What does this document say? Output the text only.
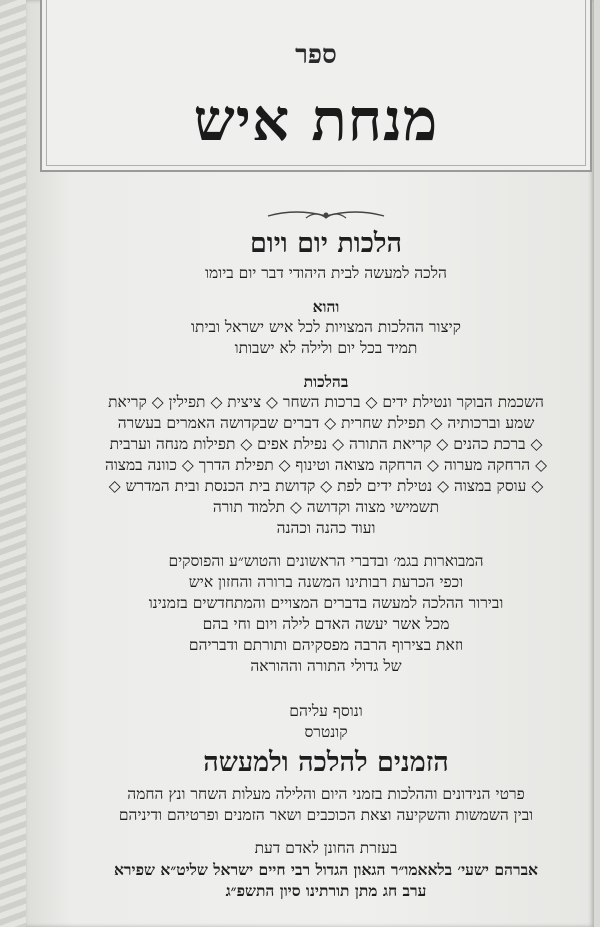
ספר
מנחת איש
הלכות יום ויום
הלכה למעשה לבית היהודי דבר יום ביומו
והוא
קיצור ההלכות המצויות לכל איש ישראל וביתו
תמיד בכל יום ולילה לא ישבותו
בהלכות
השכמת הבוקר ונטילת ידים ◇ ברכות השחר ◇ ציצית ◇ תפילין ◇ קריאת
שמע וברכותיה ◇ תפילת שחרית ◇ דברים שבקדושה האמרים בעשרה
◇ ברכת כהנים ◇ קריאת התורה ◇ נפילת אפים ◇ תפילות מנחה וערבית
◇ הרחקה מערוה ◇ הרחקה מצואה וטינוף ◇ תפילת הדרך ◇ כוונה במצוה
◇ עוסק במצוה ◇ נטילת ידים לפת ◇ קדושת בית הכנסת ובית המדרש ◇
תשמישי מצוה וקדושה ◇ תלמוד תורה
ועוד כהנה וכהנה
המבוארות בגמ׳ ובדברי הראשונים והטוש״ע והפוסקים
וכפי הכרעת רבותינו המשנה ברורה והחזון איש
ובירור ההלכה למעשה בדברים המצויים והמתחדשים בזמנינו
מכל אשר יעשה האדם לילה ויום וחי בהם
וזאת בצירוף הרבה מפסקיהם ותורתם ודבריהם
של גדולי התורה וההוראה
ונוסף עליהם
קונטרס
הזמנים להלכה ולמעשה
פרטי הנידונים וההלכות בזמני היום והלילה מעלות השחר ונץ החמה
ובין השמשות והשקיעה וצאת הכוכבים ושאר הזמנים ופרטיהם ודיניהם
בעזרת החונן לאדם דעת
אברהם ישעי׳ בלאאמו״ר הגאון הגדול רבי חיים ישראל שליט״א שפירא
ערב חג מתן תורתינו סיון התשפ״ג
